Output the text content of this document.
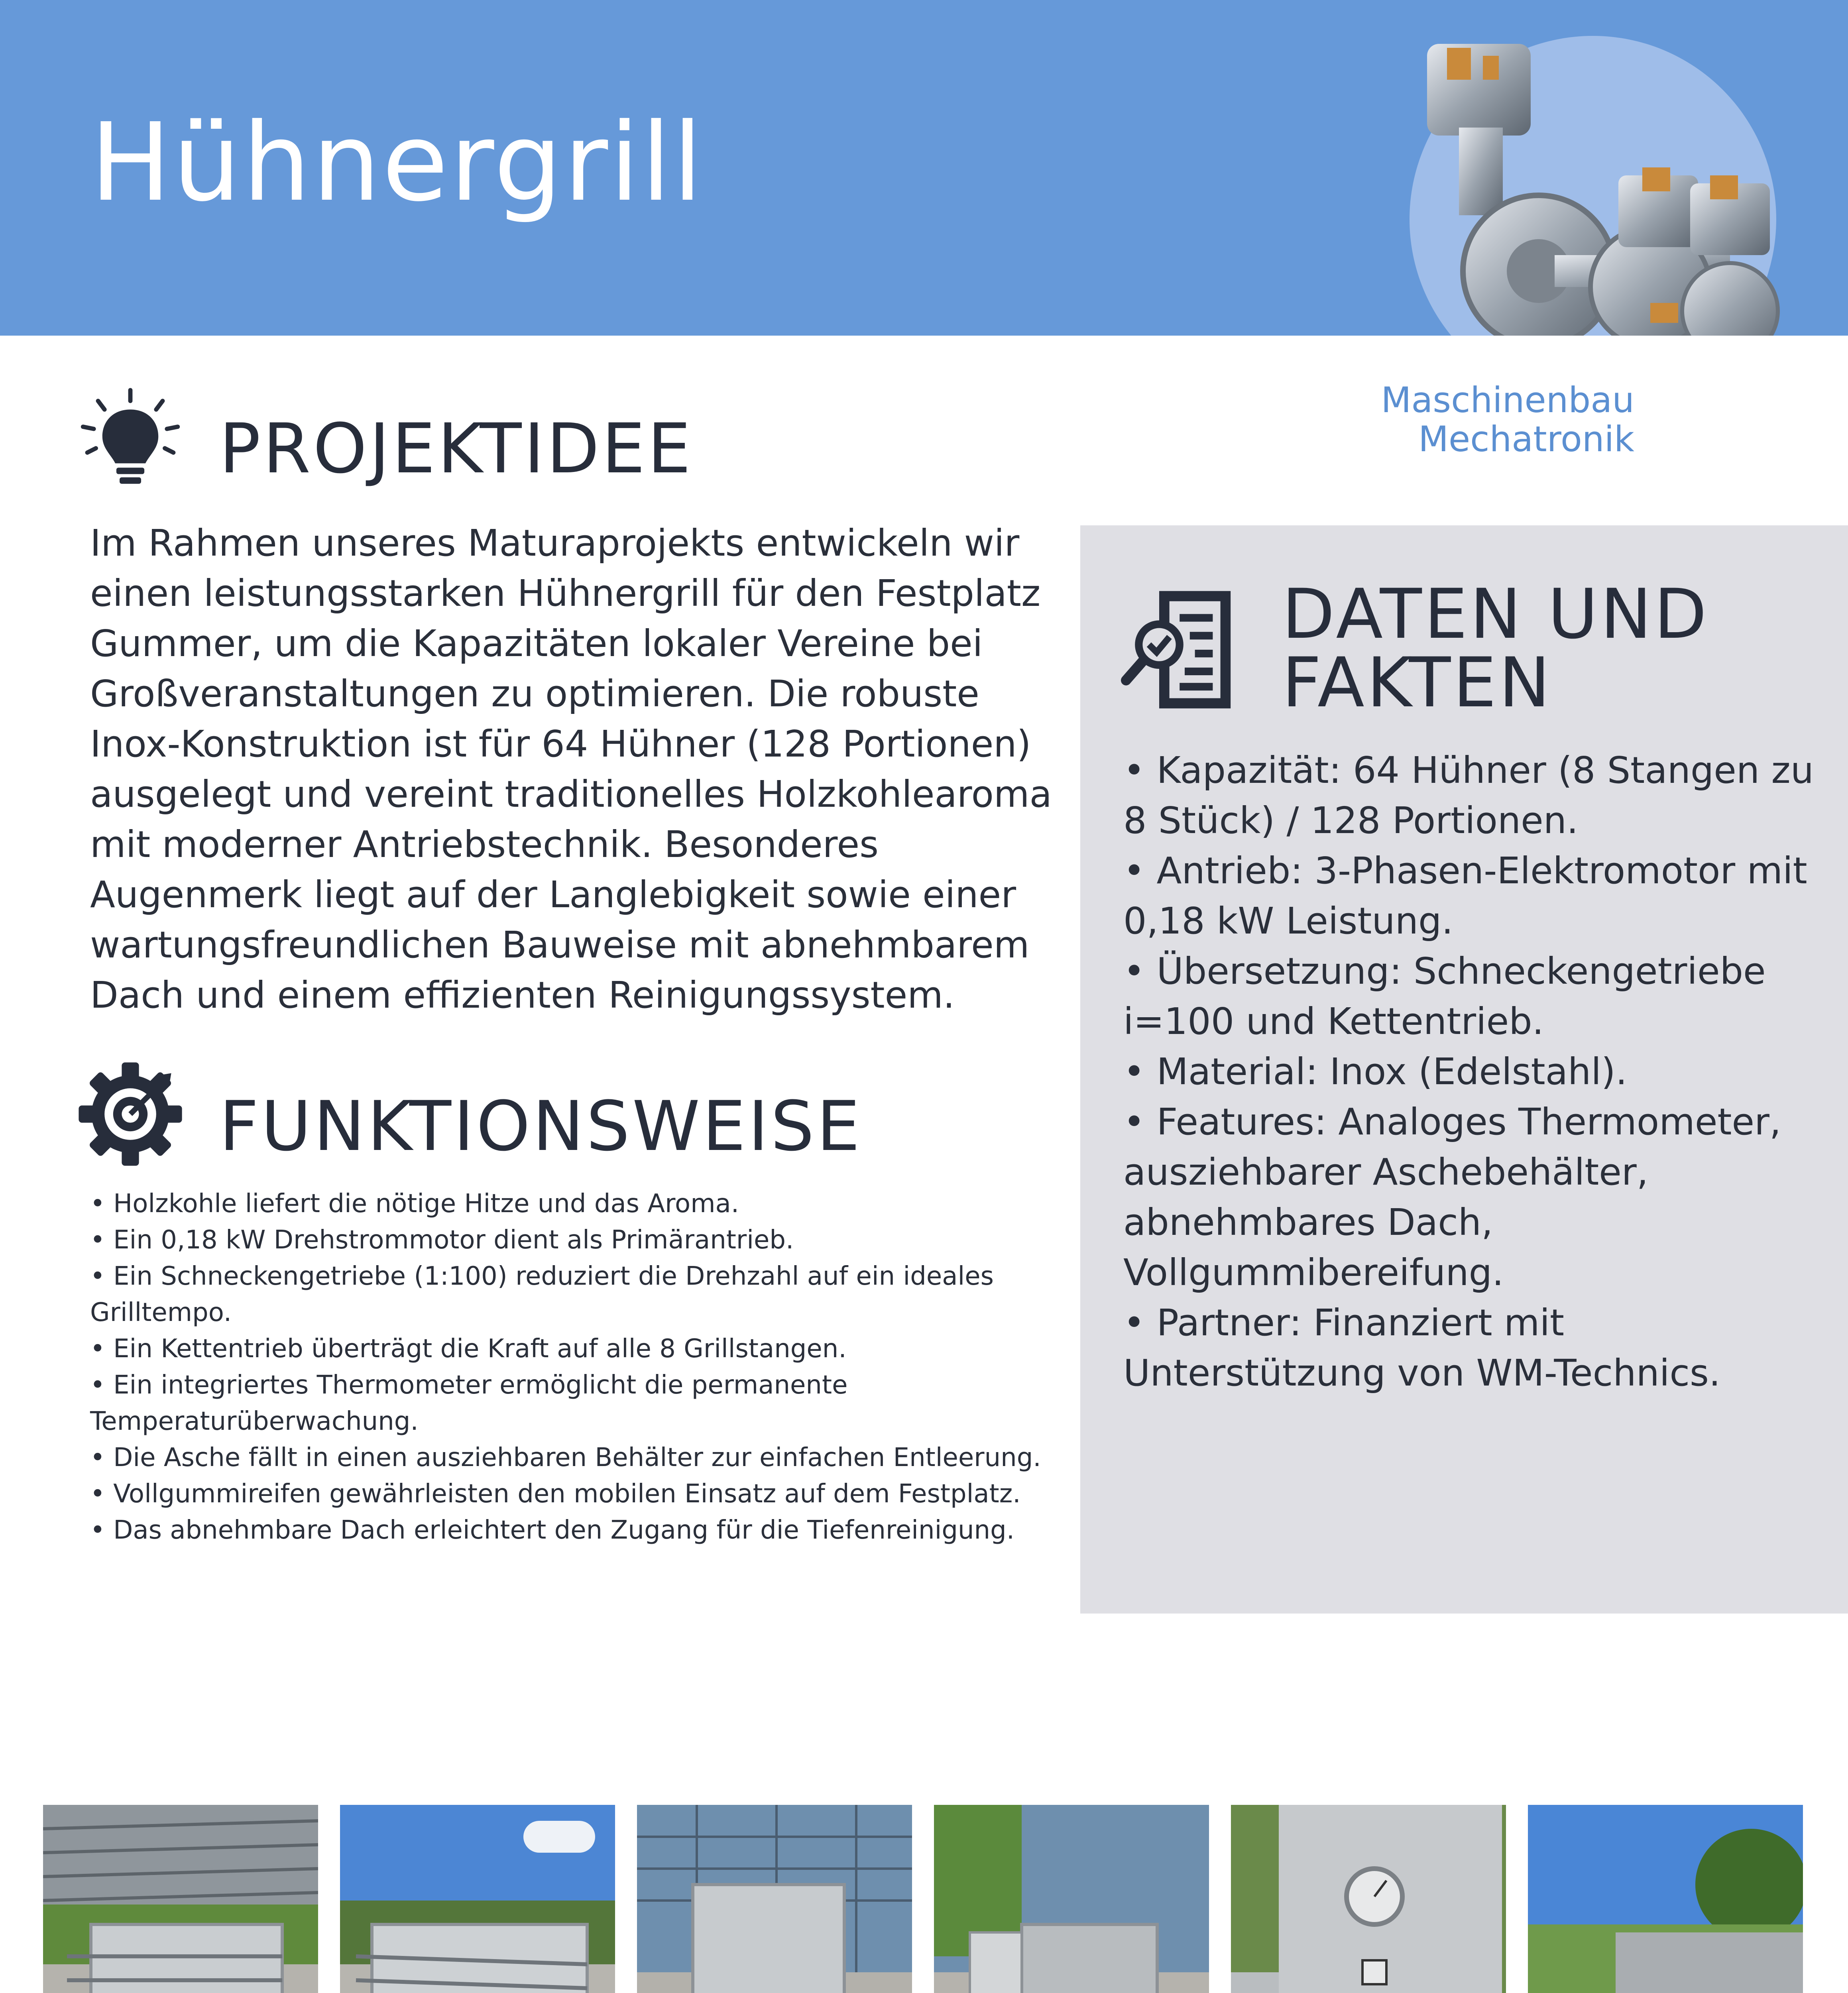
Hühnergrill
Maschinenbau
Mechatronik
PROJEKTIDEE
Im Rahmen unseres Maturaprojekts entwickeln wir einen leistungsstarken Hühnergrill für den Festplatz Gummer, um die Kapazitäten lokaler Vereine bei Großveranstaltungen zu optimieren. Die robuste Inox-Konstruktion ist für 64 Hühner (128 Portionen) ausgelegt und vereint traditionelles Holzkohlearoma mit moderner Antriebstechnik. Besonderes Augenmerk liegt auf der Langlebigkeit sowie einer wartungsfreundlichen Bauweise mit abnehmbarem Dach und einem effizienten Reinigungssystem.
FUNKTIONSWEISE
• Holzkohle liefert die nötige Hitze und das Aroma.
• Ein 0,18 kW Drehstrommotor dient als Primärantrieb.
• Ein Schneckengetriebe (1:100) reduziert die Drehzahl auf ein ideales Grilltempo.
• Ein Kettentrieb überträgt die Kraft auf alle 8 Grillstangen.
• Ein integriertes Thermometer ermöglicht die permanente Temperaturüberwachung.
• Die Asche fällt in einen ausziehbaren Behälter zur einfachen Entleerung.
• Vollgummireifen gewährleisten den mobilen Einsatz auf dem Festplatz.
• Das abnehmbare Dach erleichtert den Zugang für die Tiefenreinigung.
DATEN UND
FAKTEN
• Kapazität: 64 Hühner (8 Stangen zu 8 Stück) / 128 Portionen.
• Antrieb: 3-Phasen-Elektromotor mit 0,18 kW Leistung.
• Übersetzung: Schneckengetriebe i=100 und Kettentrieb.
• Material: Inox (Edelstahl).
• Features: Analoges Thermometer, ausziehbarer Aschebehälter, abnehmbares Dach, Vollgummibereifung.
• Partner: Finanziert mit Unterstützung von WM-Technics.
